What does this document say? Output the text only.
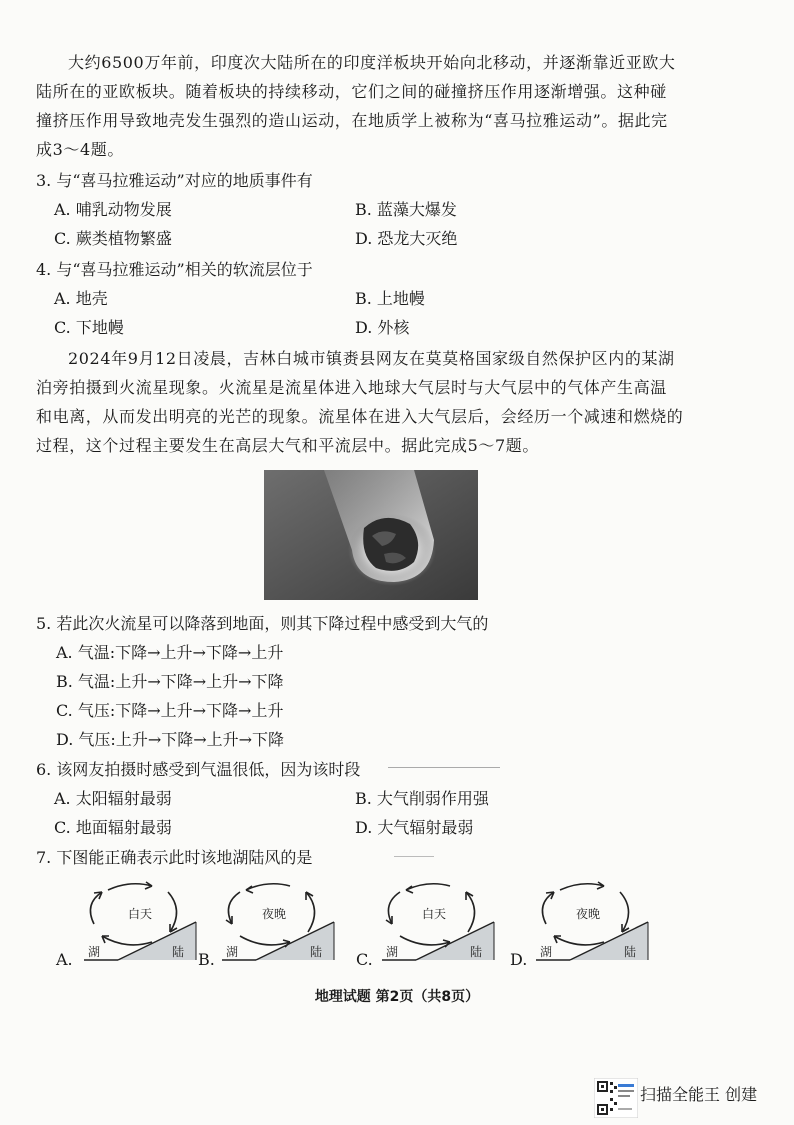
大约6500万年前，印度次大陆所在的印度洋板块开始向北移动，并逐渐靠近亚欧大
陆所在的亚欧板块。随着板块的持续移动，它们之间的碰撞挤压作用逐渐增强。这种碰
撞挤压作用导致地壳发生强烈的造山运动，在地质学上被称为“喜马拉雅运动”。据此完
成3～4题。
3. 与“喜马拉雅运动”对应的地质事件有
A. 哺乳动物发展	B. 蓝藻大爆发
C. 蕨类植物繁盛	D. 恐龙大灭绝
4. 与“喜马拉雅运动”相关的软流层位于
A. 地壳	B. 上地幔
C. 下地幔	D. 外核
2024年9月12日凌晨，吉林白城市镇赉县网友在莫莫格国家级自然保护区内的某湖
泊旁拍摄到火流星现象。火流星是流星体进入地球大气层时与大气层中的气体产生高温
和电离，从而发出明亮的光芒的现象。流星体在进入大气层后，会经历一个减速和燃烧的
过程，这个过程主要发生在高层大气和平流层中。据此完成5～7题。
5. 若此次火流星可以降落到地面，则其下降过程中感受到大气的
A. 气温:下降→上升→下降→上升
B. 气温:上升→下降→上升→下降
C. 气压:下降→上升→下降→上升
D. 气压:上升→下降→上升→下降
6. 该网友拍摄时感受到气温很低，因为该时段
A. 太阳辐射最弱	B. 大气削弱作用强
C. 地面辐射最弱	D. 大气辐射最弱
7. 下图能正确表示此时该地湖陆风的是
A.
白天
湖	陆 B.
夜晚
湖	陆 C.
白天
湖	陆 D.
夜晚
湖	陆
地理试题 第2页（共8页）
扫描全能王 创建
